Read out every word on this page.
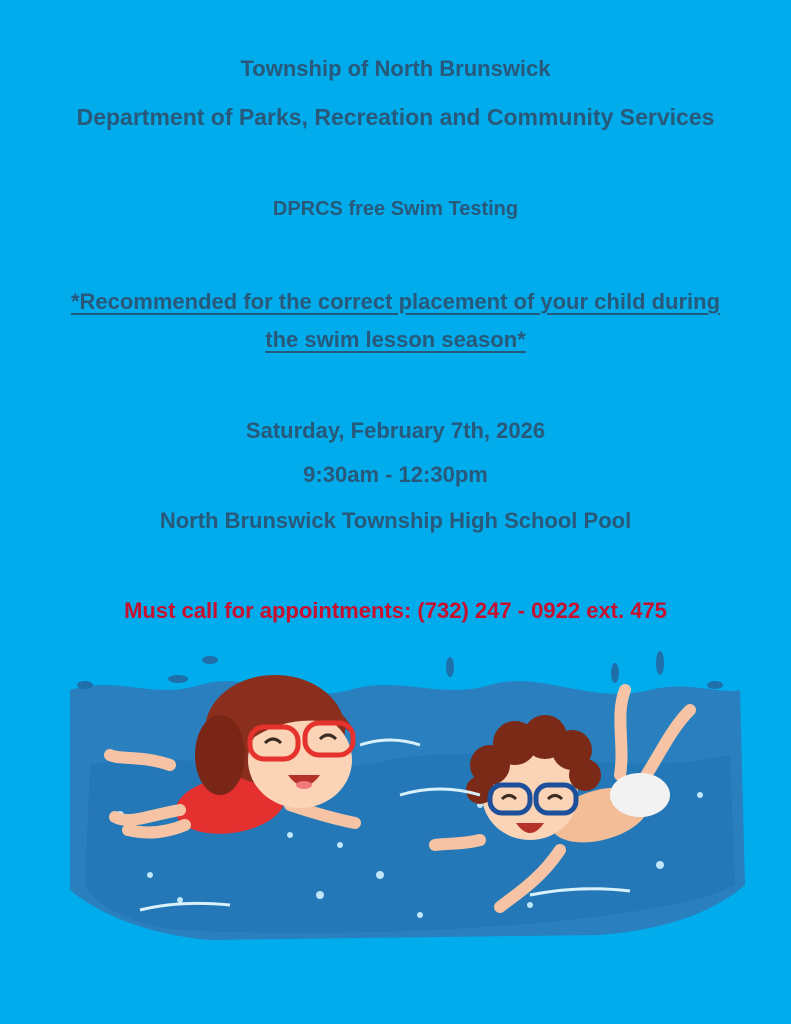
Township of North Brunswick
Department of Parks, Recreation and Community Services
DPRCS free Swim Testing
*Recommended for the correct placement of your child during
the swim lesson season*
Saturday, February 7th, 2026
9:30am - 12:30pm
North Brunswick Township High School Pool
Must call for appointments: (732) 247 - 0922 ext. 475
